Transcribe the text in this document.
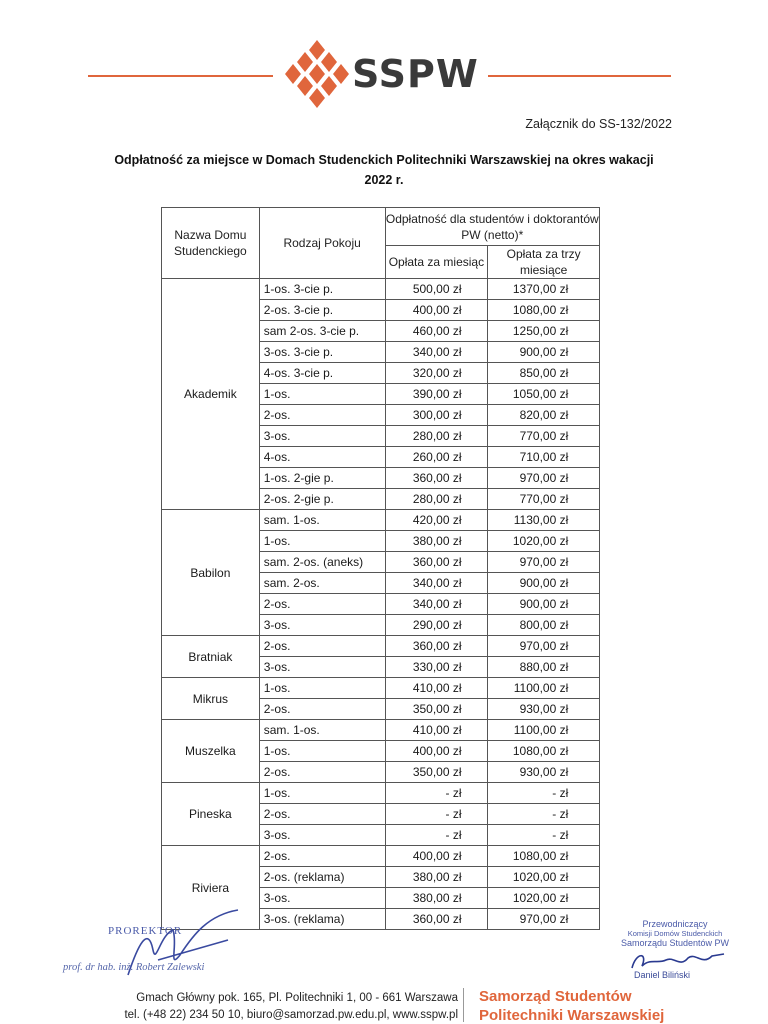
SSPW
Załącznik do SS-132/2022
Odpłatność za miejsce w Domach Studenckich Politechniki Warszawskiej na okres wakacji
2022 r.
Nazwa Domu Studenckiego	Rodzaj Pokoju	Odpłatność dla studentów i doktorantów PW (netto)*	
		Opłata za miesiąc	Opłata za trzy miesiące
Akademik	1-os. 3-cie p.	500,00 zł	1370,00 zł
	2-os. 3-cie p.	400,00 zł	1080,00 zł
	sam 2-os. 3-cie p.	460,00 zł	1250,00 zł
	3-os. 3-cie p.	340,00 zł	900,00 zł
	4-os. 3-cie p.	320,00 zł	850,00 zł
	1-os.	390,00 zł	1050,00 zł
	2-os.	300,00 zł	820,00 zł
	3-os.	280,00 zł	770,00 zł
	4-os.	260,00 zł	710,00 zł
	1-os. 2-gie p.	360,00 zł	970,00 zł
	2-os. 2-gie p.	280,00 zł	770,00 zł
Babilon	sam. 1-os.	420,00 zł	1130,00 zł
	1-os.	380,00 zł	1020,00 zł
	sam. 2-os. (aneks)	360,00 zł	970,00 zł
	sam. 2-os.	340,00 zł	900,00 zł
	2-os.	340,00 zł	900,00 zł
	3-os.	290,00 zł	800,00 zł
Bratniak	2-os.	360,00 zł	970,00 zł
	3-os.	330,00 zł	880,00 zł
Mikrus	1-os.	410,00 zł	1100,00 zł
	2-os.	350,00 zł	930,00 zł
Muszelka	sam. 1-os.	410,00 zł	1100,00 zł
	1-os.	400,00 zł	1080,00 zł
	2-os.	350,00 zł	930,00 zł
Pineska	1-os.	- zł	- zł
	2-os.	- zł	- zł
	3-os.	- zł	- zł
Riviera	2-os.	400,00 zł	1080,00 zł
	2-os. (reklama)	380,00 zł	1020,00 zł
	3-os.	380,00 zł	1020,00 zł
	3-os. (reklama)	360,00 zł	970,00 zł
PROREKTOR
prof. dr hab. inż. Robert Zalewski
Przewodniczący
Komisji Domów Studenckich
Samorządu Studentów PW
Daniel Biliński
Gmach Główny pok. 165, Pl. Politechniki 1, 00 - 661 Warszawa
tel. (+48 22) 234 50 10, biuro@samorzad.pw.edu.pl, www.sspw.pl
Samorząd Studentów
Politechniki Warszawskiej
